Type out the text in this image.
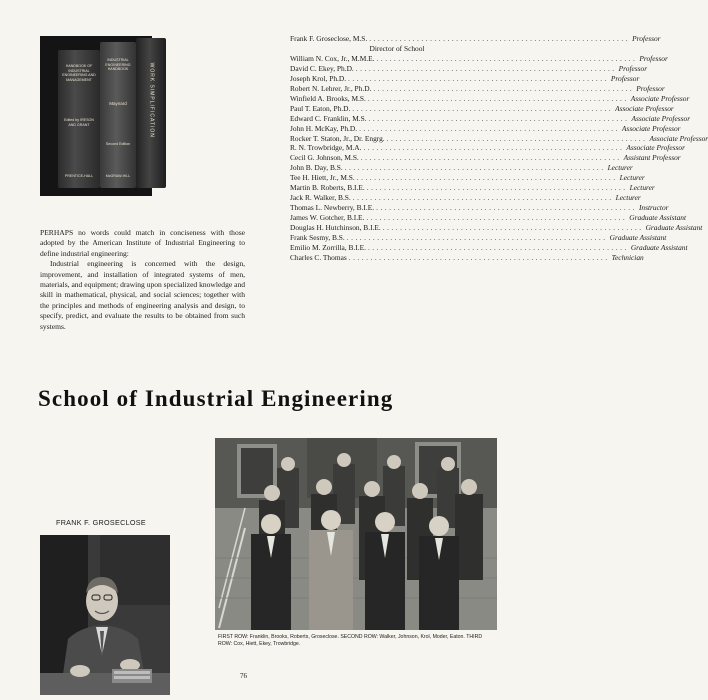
HANDBOOK OF INDUSTRIAL ENGINEERING AND MANAGEMENT
Edited by IRESON AND GRANT
PRENTICE-HALL
INDUSTRIAL ENGINEERING HANDBOOK
Maynard
Second Edition
McGRAW-HILL
WORK SIMPLIFICATION
Frank F. Groseclose, M.S. ............................................................ Professor
Director of School
William N. Cox, Jr., M.M.E. ............................................................ Professor
David C. Ekey, Ph.D. ............................................................ Professor
Joseph Krol, Ph.D. ............................................................ Professor
Robert N. Lehrer, Jr., Ph.D. ............................................................ Professor
Winfield A. Brooks, M.S. ............................................................ Associate Professor
Paul T. Eaton, Ph.D. ............................................................ Associate Professor
Edward C. Franklin, M.S. ............................................................ Associate Professor
John H. McKay, Ph.D. ............................................................ Associate Professor
Rocker T. Staton, Jr., Dr. Engrg. ............................................................ Associate Professor
R. N. Trowbridge, M.A. ............................................................ Associate Professor
Cecil G. Johnson, M.S. ............................................................ Assistant Professor
John B. Day, B.S. ............................................................ Lecturer
Tee H. Hiett, Jr., M.S. ............................................................ Lecturer
Martin B. Roberts, B.I.E. ............................................................ Lecturer
Jack R. Walker, B.S. ............................................................ Lecturer
Thomas L. Newberry, B.I.E. ............................................................ Instructor
James W. Gotcher, B.I.E. ............................................................ Graduate Assistant
Douglas H. Hutchinson, B.I.E. ............................................................ Graduate Assistant
Frank Sesmy, B.S. ............................................................ Graduate Assistant
Emilio M. Zorrilla, B.I.E. ............................................................ Graduate Assistant
Charles C. Thomas ............................................................ Technician

PERHAPS no words could match in conciseness with those adopted by the American Institute of Industrial Engineering to define industrial engineering:

Industrial engineering is concerned with the design, improvement, and installation of integrated systems of men, materials, and equipment; drawing upon specialized knowledge and skill in mathematical, physical, and social sciences; together with the principles and methods of engineering analysis and design, to specify, predict, and evaluate the results to be obtained from such systems.

School of Industrial Engineering
FRANK F. GROSECLOSE
FIRST ROW: Franklin, Brooks, Roberts, Groseclose. SECOND ROW: Walker, Johnson, Krol, Moder, Eaton. THIRD ROW: Cox, Hiett, Ekey, Trowbridge.
76
